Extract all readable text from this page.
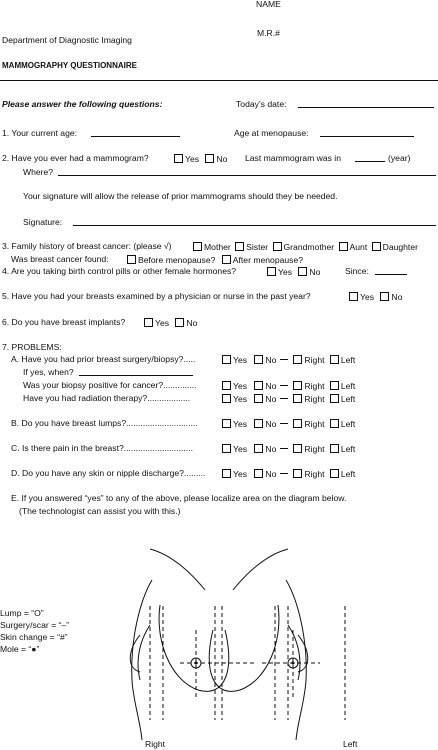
NAME
M.R.#
Department of Diagnostic Imaging
MAMMOGRAPHY QUESTIONNAIRE
Please answer the following questions:	Today’s date:
1. Your current age:	Age at menopause:
2. Have you ever had a mammogram?	Yes No Last mammogram was in	(year)
Where?
Your signature will allow the release of prior mammograms should they be needed.
Signature:
3. Family history of breast cancer: (please √)	Mother Sister Grandmother Aunt Daughter
Was breast cancer found:	Before menopause? After menopause?
4. Are you taking birth control pills or other female hormones?	Yes No	Since:
5. Have you had your breasts examined by a physician or nurse in the past year?	Yes No
6. Do you have breast implants?	Yes No
7. PROBLEMS:
A. Have you had prior breast surgery/biopsy?.....	Yes No	Right Left
If yes, when?
Was your biopsy positive for cancer?..............	Yes No	Right Left
Have you had radiation therapy?..................	Yes No	Right Left
B. Do you have breast lumps?..............................	Yes No	Right Left
C. Is there pain in the breast?.............................	Yes No	Right Left
D. Do you have any skin or nipple discharge?.........	Yes No	Right Left
E. If you answered “yes” to any of the above, please localize area on the diagram below.
(The technologist can assist you with this.)
Lump = “O”
Surgery/scar = “–”
Skin change = “#”
Mole = “●”
Right	Left
